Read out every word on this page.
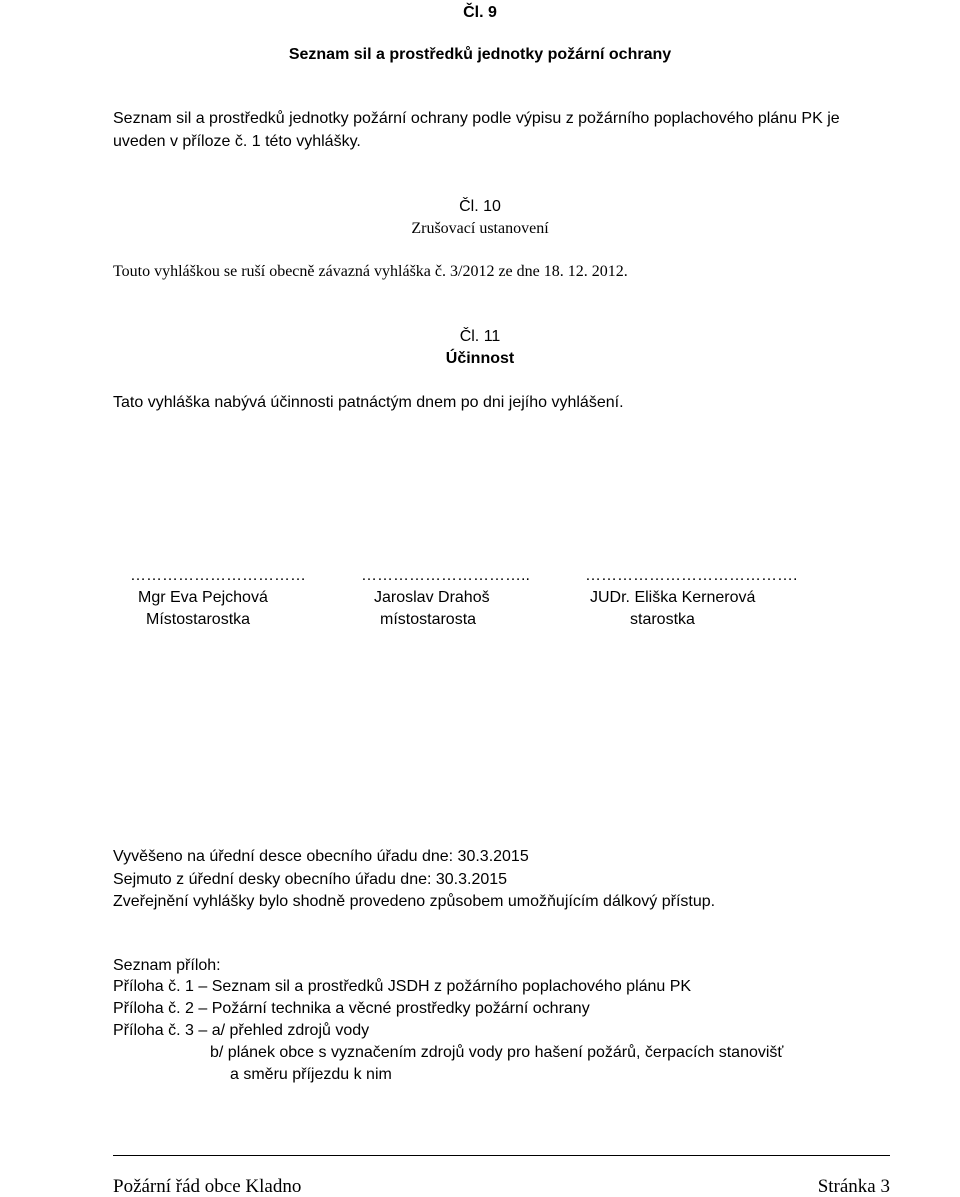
Čl. 9
Seznam sil a prostředků jednotky požární ochrany
Seznam sil a prostředků jednotky požární ochrany podle výpisu z požárního poplachového plánu PK je
uveden v příloze č. 1 této vyhlášky.
Čl. 10
Zrušovací ustanovení
Touto vyhláškou se ruší obecně závazná vyhláška č. 3/2012 ze dne 18. 12. 2012.
Čl. 11
Účinnost
Tato vyhláška nabývá účinnosti patnáctým dnem po dni jejího vyhlášení.
……………………………
Mgr Eva Pejchová
Místostarostka
…………………………..
Jaroslav Drahoš
místostarosta
………………………………….
JUDr. Eliška Kernerová
starostka
Vyvěšeno na úřední desce obecního úřadu dne: 30.3.2015
Sejmuto z úřední desky obecního úřadu dne: 30.3.2015
Zveřejnění vyhlášky bylo shodně provedeno způsobem umožňujícím dálkový přístup.
Seznam příloh:
Příloha č. 1 – Seznam sil a prostředků JSDH z požárního poplachového plánu PK
Příloha č. 2 – Požární technika a věcné prostředky požární ochrany
Příloha č. 3 – a/ přehled zdrojů vody
b/ plánek obce s vyznačením zdrojů vody pro hašení požárů, čerpacích stanovišť
a směru příjezdu k nim
Požární řád obce Kladno	Stránka 3
